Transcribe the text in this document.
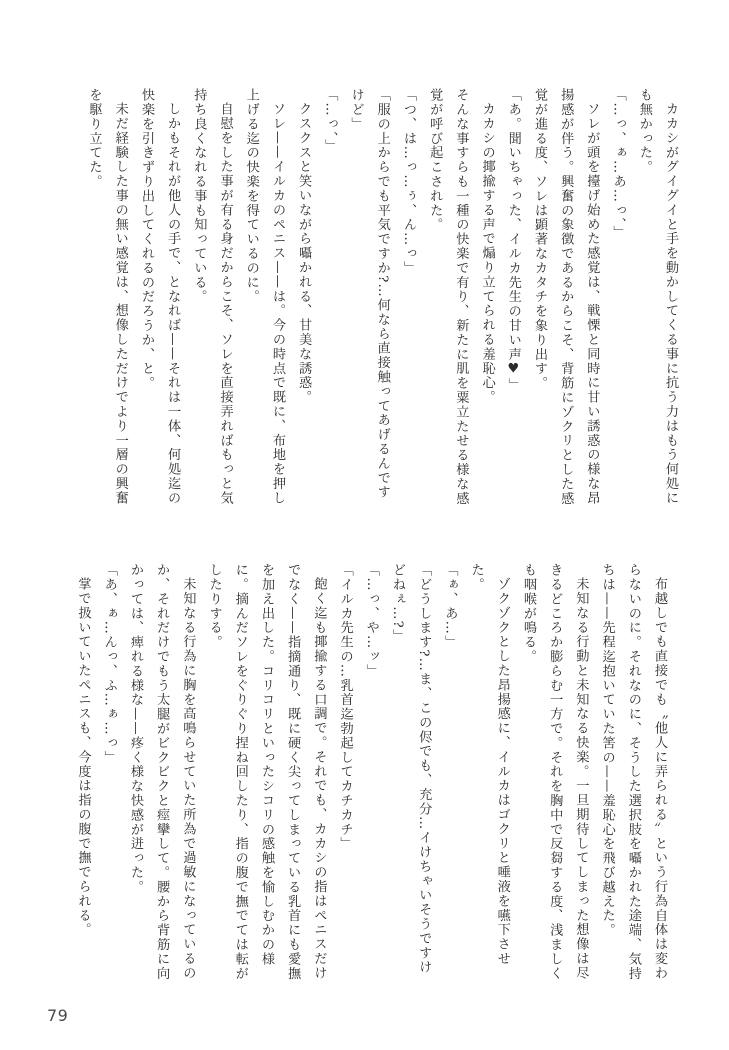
カカシがグイグイと手を動かしてくる事に抗う力はもう何処にも無かった。

「…っ、ぁ…あ…っ、」

ソレが頭を擡げ始めた感覚は、戦慄と同時に甘い誘惑の様な昂揚感が伴う。興奮の象徴であるからこそ、背筋にゾクリとした感覚が進る度、ソレは顕著なカタチを象り出す。

「あ。聞いちゃった、イルカ先生の甘い声♥」

カカシの揶揄する声で煽り立てられる羞恥心。

そんな事すらも一種の快楽で有り、新たに肌を粟立たせる様な感覚が呼び起こされた。

「つ、は…っ…ぅ、ん…っ」

「服の上からでも平気ですか?…何なら直接触ってあげるんですけど」

「…っ、」

クスクスと笑いながら囁かれる、甘美な誘惑。

ソレ——イルカのペニス——は。今の時点で既に、布地を押し上げる迄の快楽を得ているのに。

自慰をした事が有る身だからこそ、ソレを直接弄ればもっと気持ち良くなれる事も知っている。

しかもそれが他人の手で、となれば——それは一体、何処迄の快楽を引きずり出してくれるのだろうか、と。

未だ経験した事の無い感覚は、想像しただけでより一層の興奮を駆り立てた。

布越しでも直接でも〝他人に弄られる〟という行為自体は変わらないのに。それなのに、そうした選択肢を囁かれた途端、気持ちは——先程迄抱いていた筈の——羞恥心を飛び越えた。

未知なる行動と未知なる快楽。一旦期待してしまった想像は尽きるどころか膨らむ一方で。それを胸中で反芻する度、浅ましくも咽喉が鳴る。

ゾクゾクとした昂揚感に、イルカはゴクリと唾液を嚥下させた。

「ぁ、あ…」

「どうします?…ま、この侭でも、充分…イけちゃいそうですけどねぇ…?」

「…っ、や…ッ」

「イルカ先生の…乳首迄勃起してカチカチ」

飽く迄も揶揄する口調で。それでも、カカシの指はペニスだけでなく——指摘通り、既に硬く尖ってしまっている乳首にも愛撫を加え出した。コリコリといったシコリの感触を愉しむかの様に。摘んだソレをぐりぐり捏ね回したり、指の腹で撫でては転がしたりする。

未知なる行為に胸を高鳴らせていた所為で過敏になっているのか、それだけでもう太腿がビクビクと痙攣して。腰から背筋に向かっては、痺れる様な——疼く様な快感が迸った。

「あ、ぁ…んっ、ふ…ぁ…っ」

掌で扱いていたペニスも、今度は指の腹で撫でられる。

79
